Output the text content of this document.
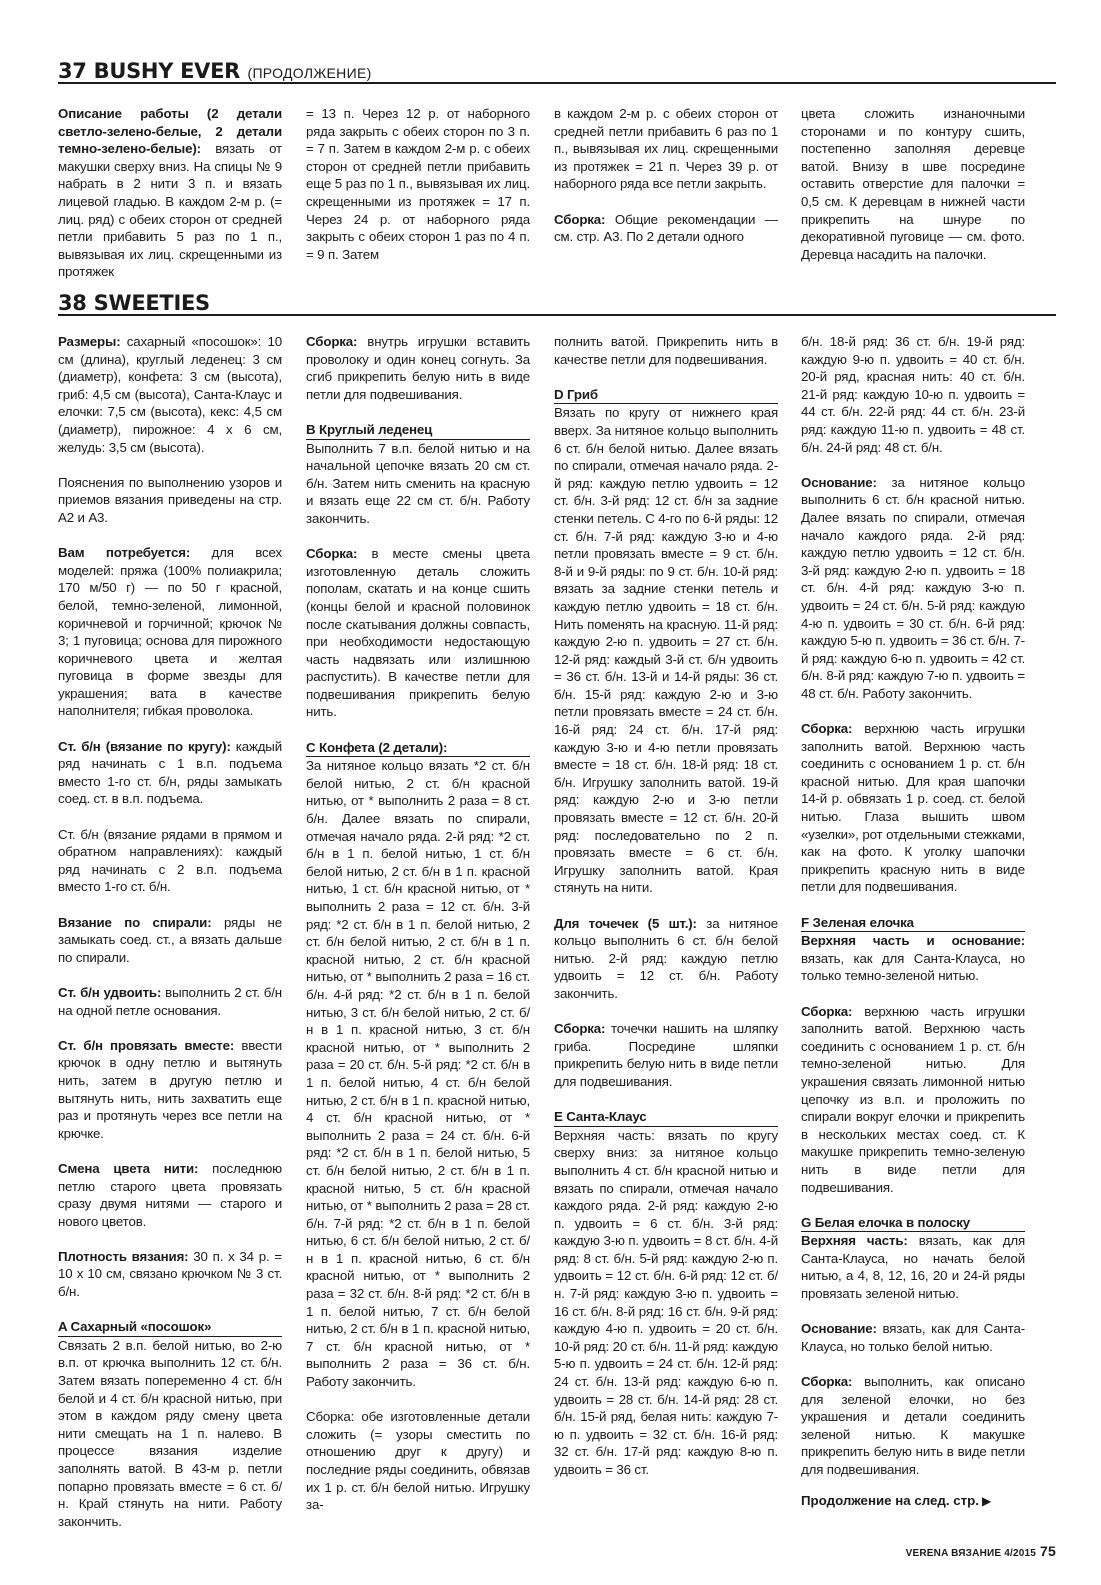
37 BUSHY EVER (ПРОДОЛЖЕНИЕ)
Описание работы (2 детали светло-зелено-белые, 2 детали темно-зелено-белые): вязать от макушки сверху вниз. На спицы № 9 набрать в 2 нити 3 п. и вязать лицевой гладью. В каждом 2-м р. (= лиц. ряд) с обеих сторон от средней петли прибавить 5 раз по 1 п., вывязывая их лиц. скрещенными из протяжек
= 13 п. Через 12 р. от наборного ряда закрыть с обеих сторон по 3 п. = 7 п. Затем в каждом 2-м р. с обеих сторон от средней петли прибавить еще 5 раз по 1 п., вывязывая их лиц. скрещенными из протяжек = 17 п. Через 24 р. от наборного ряда закрыть с обеих сторон 1 раз по 4 п. = 9 п. Затем

в каждом 2-м р. с обеих сторон от средней петли прибавить 6 раз по 1 п., вывязывая их лиц. скрещенными из протяжек = 21 п. Через 39 р. от наборного ряда все петли закрыть.

Сборка: Общие рекомендации — см. стр. А3. По 2 детали одного
цвета сложить изнаночными сторонами и по контуру сшить, постепенно заполняя деревце ватой. Внизу в шве посредине оставить отверстие для палочки = 0,5 см. К деревцам в нижней части прикрепить на шнуре по декоративной пуговице — см. фото. Деревца насадить на палочки.
38 SWEETIES

Размеры: сахарный «посошок»: 10 см (длина), круглый леденец: 3 см (диаметр), конфета: 3 см (высота), гриб: 4,5 см (высота), Санта-Клаус и елочки: 7,5 см (высота), кекс: 4,5 см (диаметр), пирожное: 4 х 6 см, желудь: 3,5 см (высота).

Пояснения по выполнению узоров и приемов вязания приведены на стр. А2 и А3.

Вам потребуется: для всех моделей: пряжа (100% полиакрила; 170 м/50 г) — по 50 г красной, белой, темно-зеленой, лимонной, коричневой и горчичной; крючок № 3; 1 пуговица; основа для пирожного коричневого цвета и желтая пуговица в форме звезды для украшения; вата в качестве наполнителя; гибкая проволока.

Ст. б/н (вязание по кругу): каждый ряд начинать с 1 в.п. подъема вместо 1-го ст. б/н, ряды замыкать соед. ст. в в.п. подъема.

Ст. б/н (вязание рядами в прямом и обратном направлениях): каждый ряд начинать с 2 в.п. подъема вместо 1-го ст. б/н.

Вязание по спирали: ряды не замыкать соед. ст., а вязать дальше по спирали.

Ст. б/н удвоить: выполнить 2 ст. б/н на одной петле основания.

Ст. б/н провязать вместе: ввести крючок в одну петлю и вытянуть нить, затем в другую петлю и вытянуть нить, нить захватить еще раз и протянуть через все петли на крючке.

Смена цвета нити: последнюю петлю старого цвета провязать сразу двумя нитями — старого и нового цветов.

Плотность вязания: 30 п. х 34 р. = 10 х 10 см, связано крючком № 3 ст. б/н.

A Сахарный «посошок»
Связать 2 в.п. белой нитью, во 2-ю в.п. от крючка выполнить 12 ст. б/н. Затем вязать попеременно 4 ст. б/н белой и 4 ст. б/н красной нитью, при этом в каждом ряду смену цвета нити смещать на 1 п. налево. В процессе вязания изделие заполнять ватой. В 43-м р. петли попарно провязать вместе = 6 ст. б/н. Край стянуть на нити. Работу закончить.

Сборка: внутрь игрушки вставить проволоку и один конец согнуть. За сгиб прикрепить белую нить в виде петли для подвешивания.

B Круглый леденец

Выполнить 7 в.п. белой нитью и на начальной цепочке вязать 20 см ст. б/н. Затем нить сменить на красную и вязать еще 22 см ст. б/н. Работу закончить.

Сборка: в месте смены цвета изготовленную деталь сложить пополам, скатать и на конце сшить (концы белой и красной половинок после скатывания должны совпасть, при необходимости недостающую часть надвязать или излишнюю распустить). В качестве петли для подвешивания прикрепить белую нить.

C Конфета (2 детали):

За нитяное кольцо вязать *2 ст. б/н белой нитью, 2 ст. б/н красной нитью, от * выполнить 2 раза = 8 ст. б/н. Далее вязать по спирали, отмечая начало ряда. 2-й ряд: *2 ст. б/н в 1 п. белой нитью, 1 ст. б/н белой нитью, 2 ст. б/н в 1 п. красной нитью, 1 ст. б/н красной нитью, от * выполнить 2 раза = 12 ст. б/н. 3-й ряд: *2 ст. б/н в 1 п. белой нитью, 2 ст. б/н белой нитью, 2 ст. б/н в 1 п. красной нитью, 2 ст. б/н красной нитью, от * выполнить 2 раза = 16 ст. б/н. 4-й ряд: *2 ст. б/н в 1 п. белой нитью, 3 ст. б/н белой нитью, 2 ст. б/н в 1 п. красной нитью, 3 ст. б/н красной нитью, от * выполнить 2 раза = 20 ст. б/н. 5-й ряд: *2 ст. б/н в 1 п. белой нитью, 4 ст. б/н белой нитью, 2 ст. б/н в 1 п. красной нитью, 4 ст. б/н красной нитью, от * выполнить 2 раза = 24 ст. б/н. 6-й ряд: *2 ст. б/н в 1 п. белой нитью, 5 ст. б/н белой нитью, 2 ст. б/н в 1 п. красной нитью, 5 ст. б/н красной нитью, от * выполнить 2 раза = 28 ст. б/н. 7-й ряд: *2 ст. б/н в 1 п. белой нитью, 6 ст. б/н белой нитью, 2 ст. б/н в 1 п. красной нитью, 6 ст. б/н красной нитью, от * выполнить 2 раза = 32 ст. б/н. 8-й ряд: *2 ст. б/н в 1 п. белой нитью, 7 ст. б/н белой нитью, 2 ст. б/н в 1 п. красной нитью, 7 ст. б/н красной нитью, от * выполнить 2 раза = 36 ст. б/н. Работу закончить.

Сборка: обе изготовленные детали сложить (= узоры сместить по отношению друг к другу) и последние ряды соединить, обвязав их 1 р. ст. б/н белой нитью. Игрушку за-

полнить ватой. Прикрепить нить в качестве петли для подвешивания.

D Гриб

Вязать по кругу от нижнего края вверх. За нитяное кольцо выполнить 6 ст. б/н белой нитью. Далее вязать по спирали, отмечая начало ряда. 2-й ряд: каждую петлю удвоить = 12 ст. б/н. 3-й ряд: 12 ст. б/н за задние стенки петель. С 4-го по 6-й ряды: 12 ст. б/н. 7-й ряд: каждую 3-ю и 4-ю петли провязать вместе = 9 ст. б/н. 8-й и 9-й ряды: по 9 ст. б/н. 10-й ряд: вязать за задние стенки петель и каждую петлю удвоить = 18 ст. б/н. Нить поменять на красную. 11-й ряд: каждую 2-ю п. удвоить = 27 ст. б/н. 12-й ряд: каждый 3-й ст. б/н удвоить = 36 ст. б/н. 13-й и 14-й ряды: 36 ст. б/н. 15-й ряд: каждую 2-ю и 3-ю петли провязать вместе = 24 ст. б/н. 16-й ряд: 24 ст. б/н. 17-й ряд: каждую 3-ю и 4-ю петли провязать вместе = 18 ст. б/н. 18-й ряд: 18 ст. б/н. Игрушку заполнить ватой. 19-й ряд: каждую 2-ю и 3-ю петли провязать вместе = 12 ст. б/н. 20-й ряд: последовательно по 2 п. провязать вместе = 6 ст. б/н. Игрушку заполнить ватой. Края стянуть на нити.

Для точечек (5 шт.): за нитяное кольцо выполнить 6 ст. б/н белой нитью. 2-й ряд: каждую петлю удвоить = 12 ст. б/н. Работу закончить.

Сборка: точечки нашить на шляпку гриба. Посредине шляпки прикрепить белую нить в виде петли для подвешивания.

E Санта-Клаус
Верхняя часть: вязать по кругу сверху вниз: за нитяное кольцо выполнить 4 ст. б/н красной нитью и вязать по спирали, отмечая начало каждого ряда. 2-й ряд: каждую 2-ю п. удвоить = 6 ст. б/н. 3-й ряд: каждую 3-ю п. удвоить = 8 ст. б/н. 4-й ряд: 8 ст. б/н. 5-й ряд: каждую 2-ю п. удвоить = 12 ст. б/н. 6-й ряд: 12 ст. б/н. 7-й ряд: каждую 3-ю п. удвоить = 16 ст. б/н. 8-й ряд: 16 ст. б/н. 9-й ряд: каждую 4-ю п. удвоить = 20 ст. б/н. 10-й ряд: 20 ст. б/н. 11-й ряд: каждую 5-ю п. удвоить = 24 ст. б/н. 12-й ряд: 24 ст. б/н. 13-й ряд: каждую 6-ю п. удвоить = 28 ст. б/н. 14-й ряд: 28 ст. б/н. 15-й ряд, белая нить: каждую 7-ю п. удвоить = 32 ст. б/н. 16-й ряд: 32 ст. б/н. 17-й ряд: каждую 8-ю п. удвоить = 36 ст.

б/н. 18-й ряд: 36 ст. б/н. 19-й ряд: каждую 9-ю п. удвоить = 40 ст. б/н. 20-й ряд, красная нить: 40 ст. б/н. 21-й ряд: каждую 10-ю п. удвоить = 44 ст. б/н. 22-й ряд: 44 ст. б/н. 23-й ряд: каждую 11-ю п. удвоить = 48 ст. б/н. 24-й ряд: 48 ст. б/н.

Основание: за нитяное кольцо выполнить 6 ст. б/н красной нитью. Далее вязать по спирали, отмечая начало каждого ряда. 2-й ряд: каждую петлю удвоить = 12 ст. б/н. 3-й ряд: каждую 2-ю п. удвоить = 18 ст. б/н. 4-й ряд: каждую 3-ю п. удвоить = 24 ст. б/н. 5-й ряд: каждую 4-ю п. удвоить = 30 ст. б/н. 6-й ряд: каждую 5-ю п. удвоить = 36 ст. б/н. 7-й ряд: каждую 6-ю п. удвоить = 42 ст. б/н. 8-й ряд: каждую 7-ю п. удвоить = 48 ст. б/н. Работу закончить.

Сборка: верхнюю часть игрушки заполнить ватой. Верхнюю часть соединить с основанием 1 р. ст. б/н красной нитью. Для края шапочки 14-й р. обвязать 1 р. соед. ст. белой нитью. Глаза вышить швом «узелки», рот отдельными стежками, как на фото. К уголку шапочки прикрепить красную нить в виде петли для подвешивания.

F Зеленая елочка

Верхняя часть и основание: вязать, как для Санта-Клауса, но только темно-зеленой нитью.

Сборка: верхнюю часть игрушки заполнить ватой. Верхнюю часть соединить с основанием 1 р. ст. б/н темно-зеленой нитью. Для украшения связать лимонной нитью цепочку из в.п. и проложить по спирали вокруг елочки и прикрепить в нескольких местах соед. ст. К макушке прикрепить темно-зеленую нить в виде петли для подвешивания.

G Белая елочка в полоску

Верхняя часть: вязать, как для Санта-Клауса, но начать белой нитью, а 4, 8, 12, 16, 20 и 24-й ряды провязать зеленой нитью.

Основание: вязать, как для Санта-Клауса, но только белой нитью.

Сборка: выполнить, как описано для зеленой елочки, но без украшения и детали соединить зеленой нитью. К макушке прикрепить белую нить в виде петли для подвешивания.

Продолжение на след. стр. ▶
VERENA ВЯЗАНИЕ 4/2015 75
